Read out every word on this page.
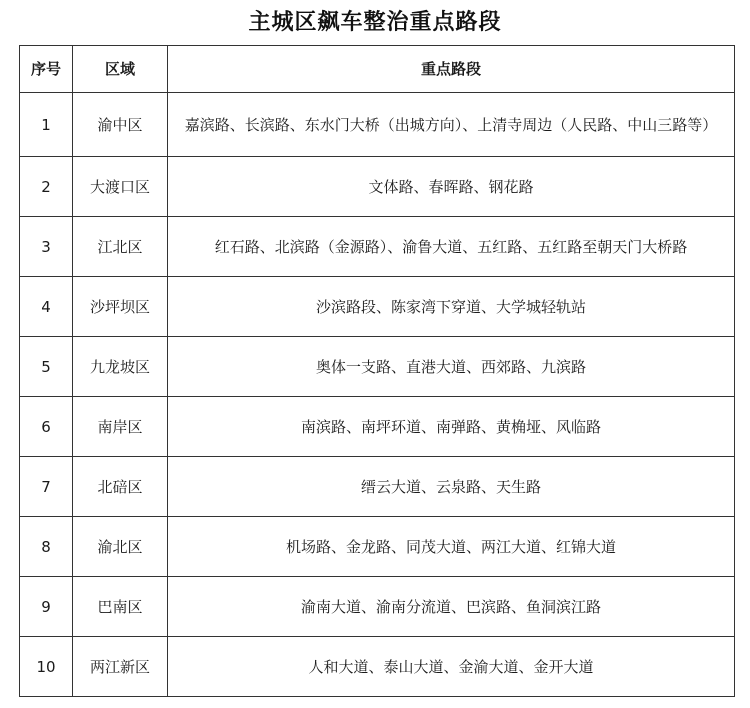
主城区飙车整治重点路段
序号	区域	重点路段
1	渝中区	嘉滨路、长滨路、东水门大桥（出城方向）、上清寺周边（人民路、中山三路等）
2	大渡口区	文体路、春晖路、钢花路
3	江北区	红石路、北滨路（金源路）、渝鲁大道、五红路、五红路至朝天门大桥路
4	沙坪坝区	沙滨路段、陈家湾下穿道、大学城轻轨站
5	九龙坡区	奥体一支路、直港大道、西郊路、九滨路
6	南岸区	南滨路、南坪环道、南弹路、黄桷垭、风临路
7	北碚区	缙云大道、云泉路、天生路
8	渝北区	机场路、金龙路、同茂大道、两江大道、红锦大道
9	巴南区	渝南大道、渝南分流道、巴滨路、鱼洞滨江路
10	两江新区	人和大道、泰山大道、金渝大道、金开大道
